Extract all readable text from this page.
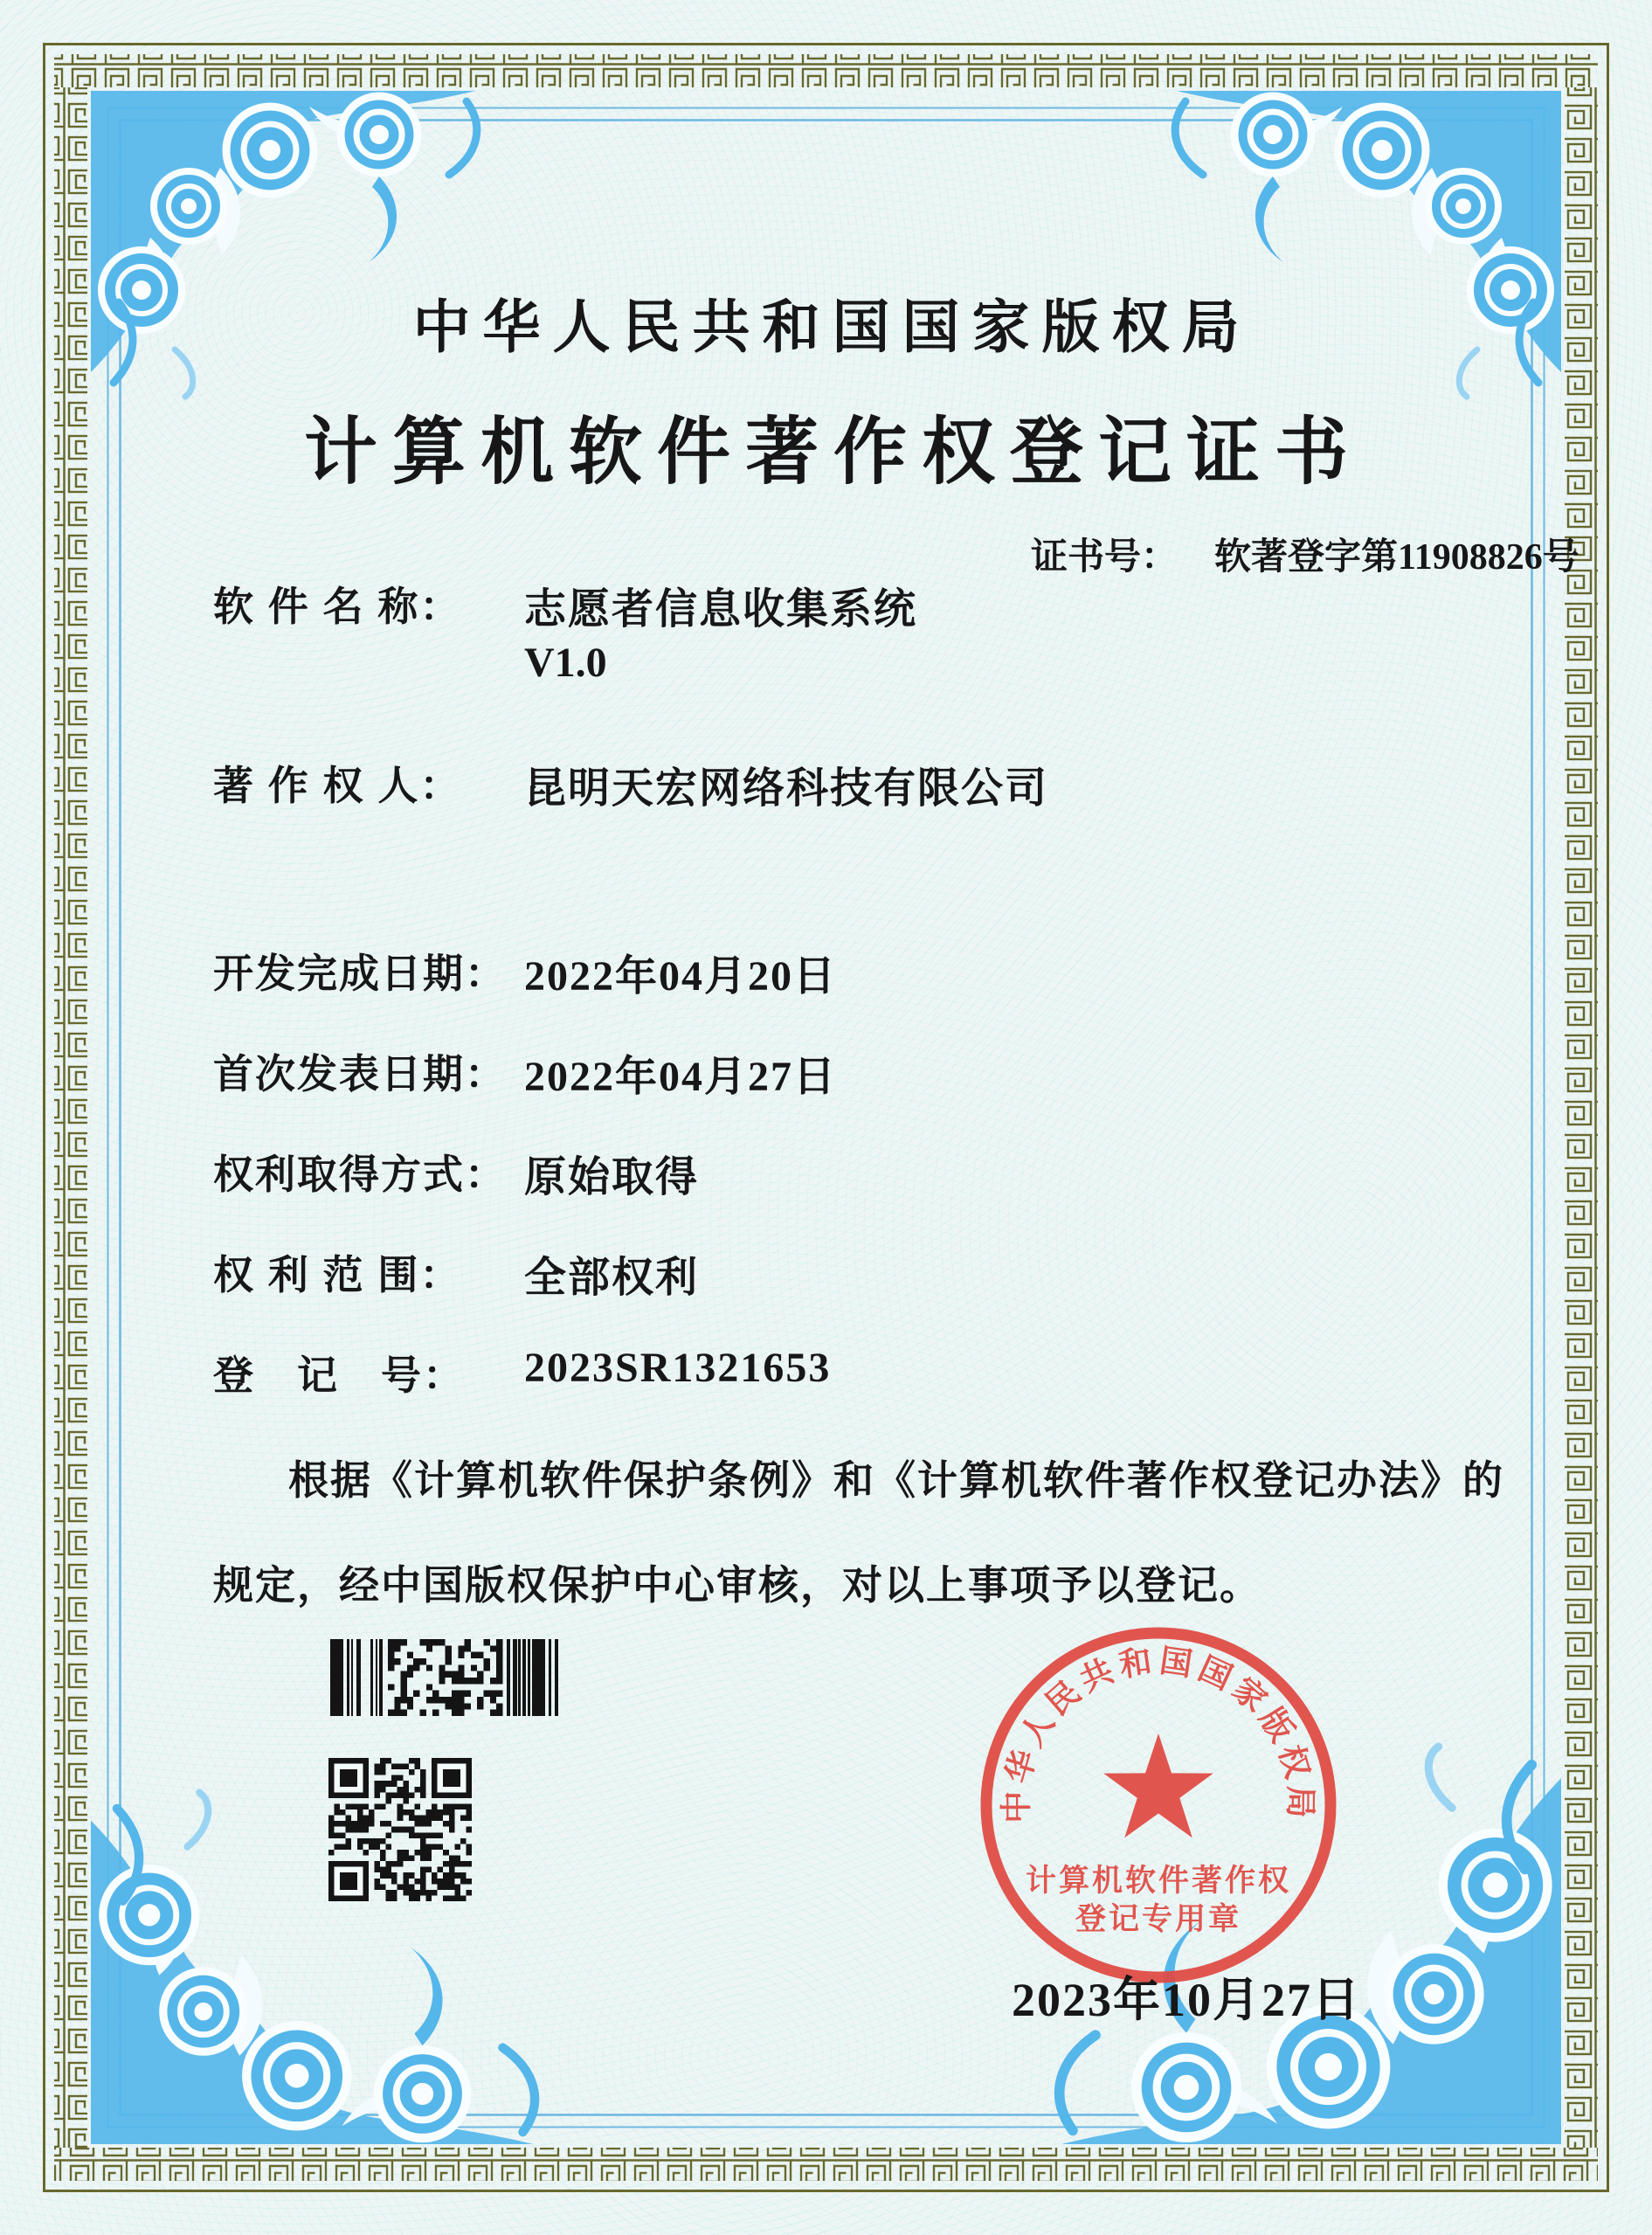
中华人民共和国国家版权局
计算机软件著作权登记证书
证书号： 软著登字第11908826号
软 件 名 称： 志愿者信息收集系统
V1.0
著 作 权 人： 昆明天宏网络科技有限公司
开发完成日期： 2022年04月20日
首次发表日期： 2022年04月27日
权利取得方式： 原始取得
权 利 范 围： 全部权利
登　记　号： 2023SR1321653
根据《计算机软件保护条例》和《计算机软件著作权登记办法》的
规定，经中国版权保护中心审核，对以上事项予以登记。
中华人民共和国国家版权局
计算机软件著作权
登记专用章
2023年10月27日
